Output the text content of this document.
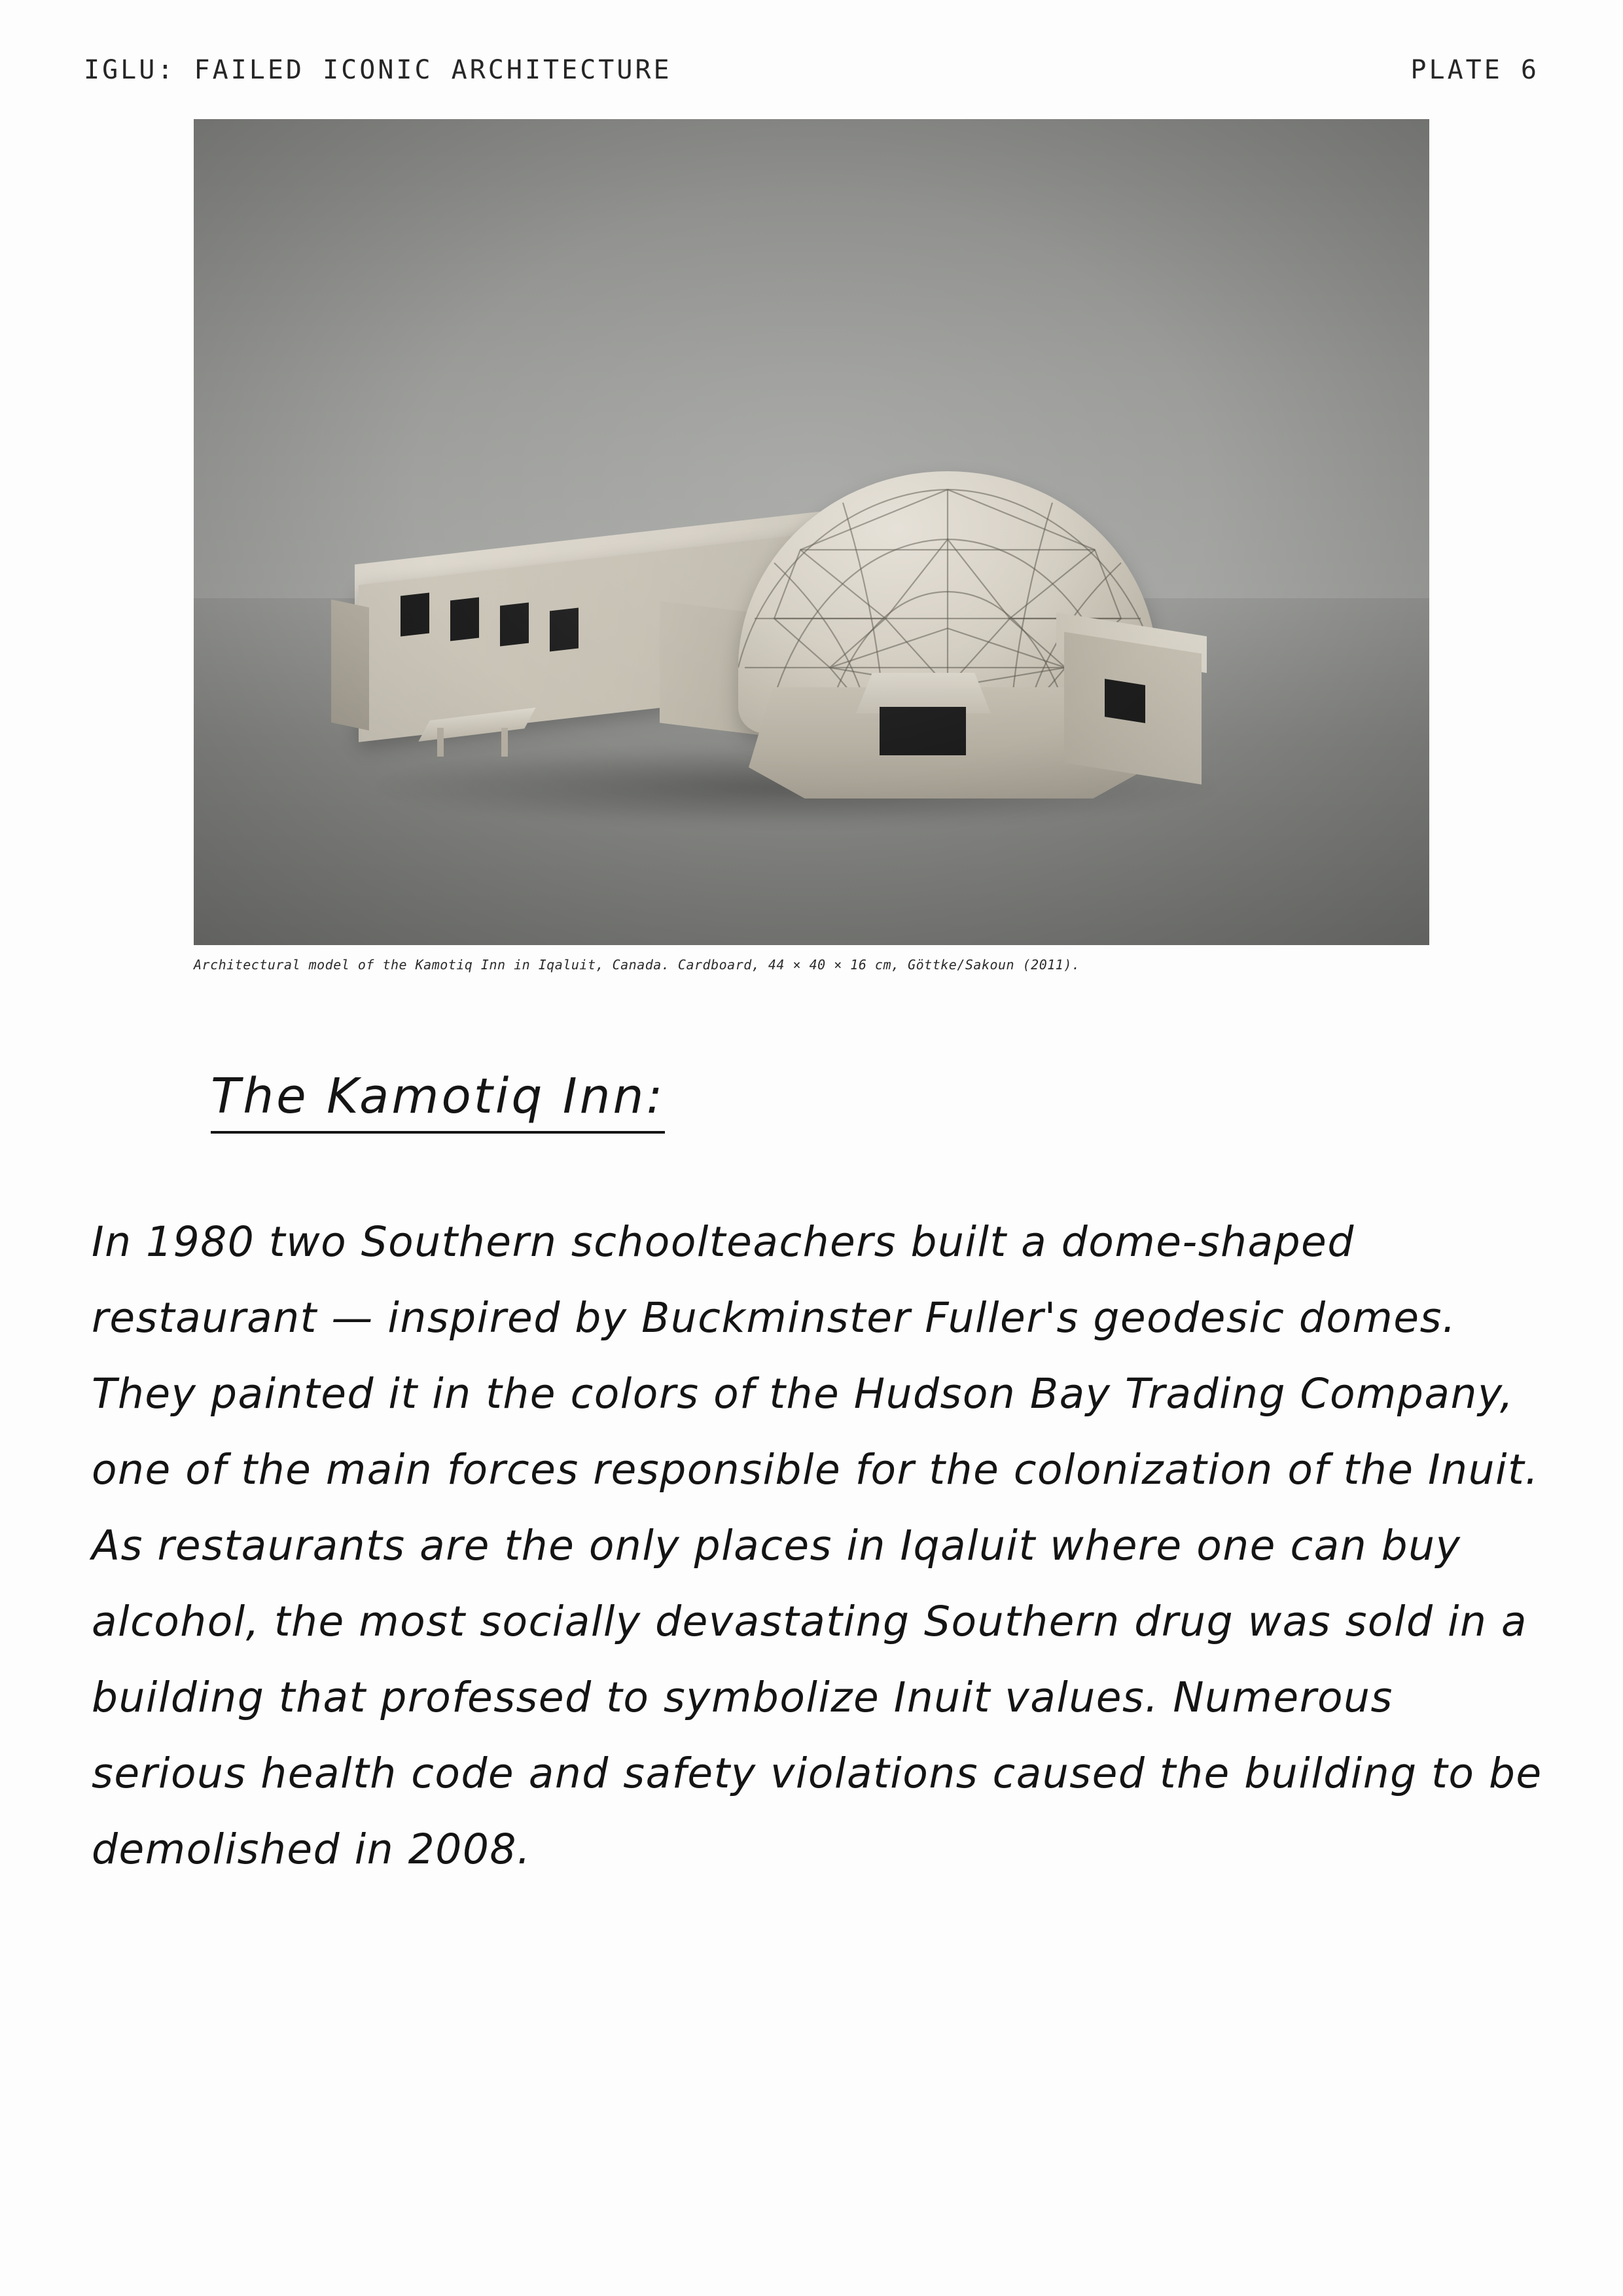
IGLU: FAILED ICONIC ARCHITECTURE	PLATE 6
Architectural model of the Kamotiq Inn in Iqaluit, Canada. Cardboard, 44 × 40 × 16 cm, Göttke/Sakoun (2011).
The Kamotiq Inn:

In 1980 two Southern schoolteachers built a dome-shaped restaurant — inspired by Buckminster Fuller's geodesic domes. They painted it in the colors of the Hudson Bay Trading Company, one of the main forces responsible for the colonization of the Inuit. As restaurants are the only places in Iqaluit where one can buy alcohol, the most socially devastating Southern drug was sold in a building that professed to symbolize Inuit values. Numerous serious health code and safety violations caused the building to be demolished in 2008.
